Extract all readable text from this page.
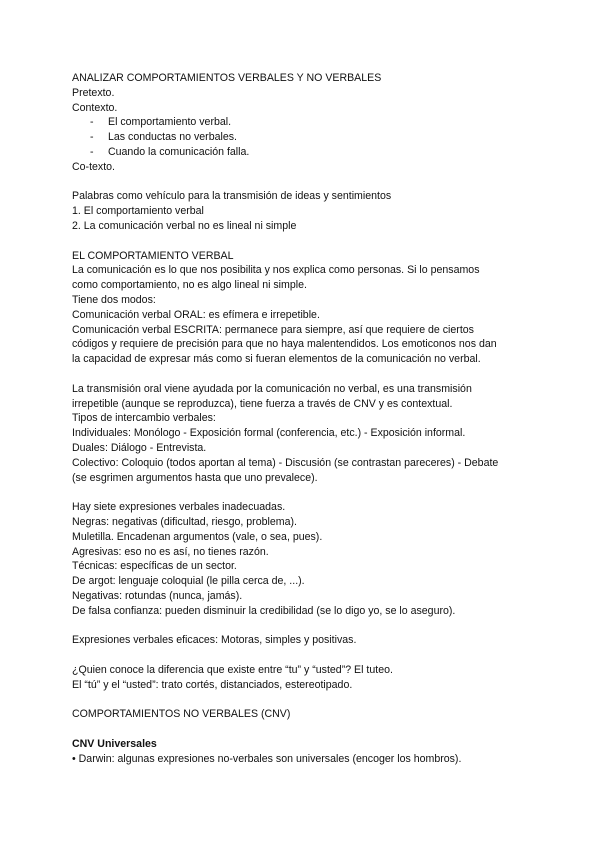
ANALIZAR COMPORTAMIENTOS VERBALES Y NO VERBALES
Pretexto.
Contexto.
- El comportamiento verbal.
- Las conductas no verbales.
- Cuando la comunicación falla.
Co-texto.
Palabras como vehículo para la transmisión de ideas y sentimientos
1. El comportamiento verbal
2. La comunicación verbal no es lineal ni simple
EL COMPORTAMIENTO VERBAL
La comunicación es lo que nos posibilita y nos explica como personas. Si lo pensamos
como comportamiento, no es algo lineal ni simple.
Tiene dos modos:
Comunicación verbal ORAL: es efímera e irrepetible.
Comunicación verbal ESCRITA: permanece para siempre, así que requiere de ciertos
códigos y requiere de precisión para que no haya malentendidos. Los emoticonos nos dan
la capacidad de expresar más como si fueran elementos de la comunicación no verbal.
La transmisión oral viene ayudada por la comunicación no verbal, es una transmisión
irrepetible (aunque se reproduzca), tiene fuerza a través de CNV y es contextual.
Tipos de intercambio verbales:
Individuales: Monólogo - Exposición formal (conferencia, etc.) - Exposición informal.
Duales: Diálogo - Entrevista.
Colectivo: Coloquio (todos aportan al tema) - Discusión (se contrastan pareceres) - Debate
(se esgrimen argumentos hasta que uno prevalece).
Hay siete expresiones verbales inadecuadas.
Negras: negativas (dificultad, riesgo, problema).
Muletilla. Encadenan argumentos (vale, o sea, pues).
Agresivas: eso no es así, no tienes razón.
Técnicas: específicas de un sector.
De argot: lenguaje coloquial (le pilla cerca de, ...).
Negativas: rotundas (nunca, jamás).
De falsa confianza: pueden disminuir la credibilidad (se lo digo yo, se lo aseguro).
Expresiones verbales eficaces: Motoras, simples y positivas.
¿Quien conoce la diferencia que existe entre “tu” y “usted”? El tuteo.
El “tú” y el “usted”: trato cortés, distanciados, estereotipado.
COMPORTAMIENTOS NO VERBALES (CNV)
CNV Universales
• Darwin: algunas expresiones no-verbales son universales (encoger los hombros).
